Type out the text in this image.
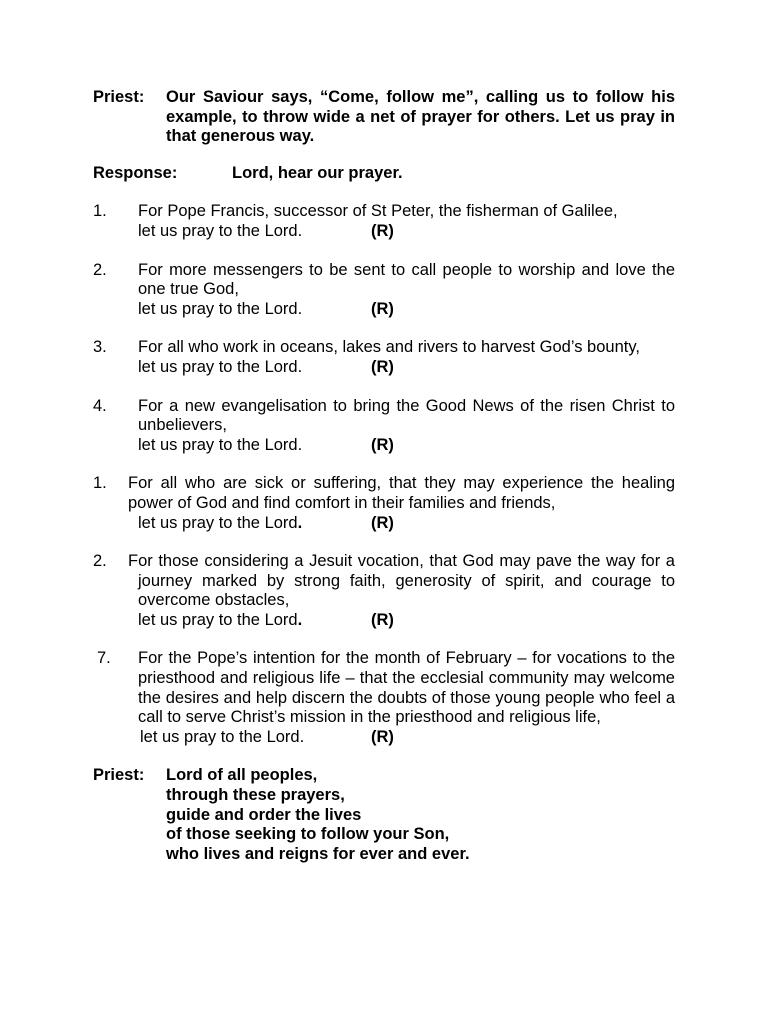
Priest:	Our Saviour says, “Come, follow me”, calling us to follow his example, to throw wide a net of prayer for others. Let us pray in that generous way.
Response:	Lord, hear our prayer.
1. For Pope Francis, successor of St Peter, the fisherman of Galilee,
let us pray to the Lord.	(R)
2. For more messengers to be sent to call people to worship and love the one true God,
let us pray to the Lord.	(R)
3. For all who work in oceans, lakes and rivers to harvest God’s bounty,
let us pray to the Lord.	(R)
4. For a new evangelisation to bring the Good News of the risen Christ to unbelievers,
let us pray to the Lord.	(R)
1. For all who are sick or suffering, that they may experience the healing power of God and find comfort in their families and friends,
let us pray to the Lord.	(R)
2. For those considering a Jesuit vocation, that God may pave the way for a journey marked by strong faith, generosity of spirit, and courage to overcome obstacles,
let us pray to the Lord.	(R)
7. For the Pope’s intention for the month of February – for vocations to the priesthood and religious life – that the ecclesial community may welcome the desires and help discern the doubts of those young people who feel a call to serve Christ’s mission in the priesthood and religious life,
let us pray to the Lord.	(R)
Priest:	Lord of all peoples,
through these prayers,
guide and order the lives
of those seeking to follow your Son,
who lives and reigns for ever and ever.
